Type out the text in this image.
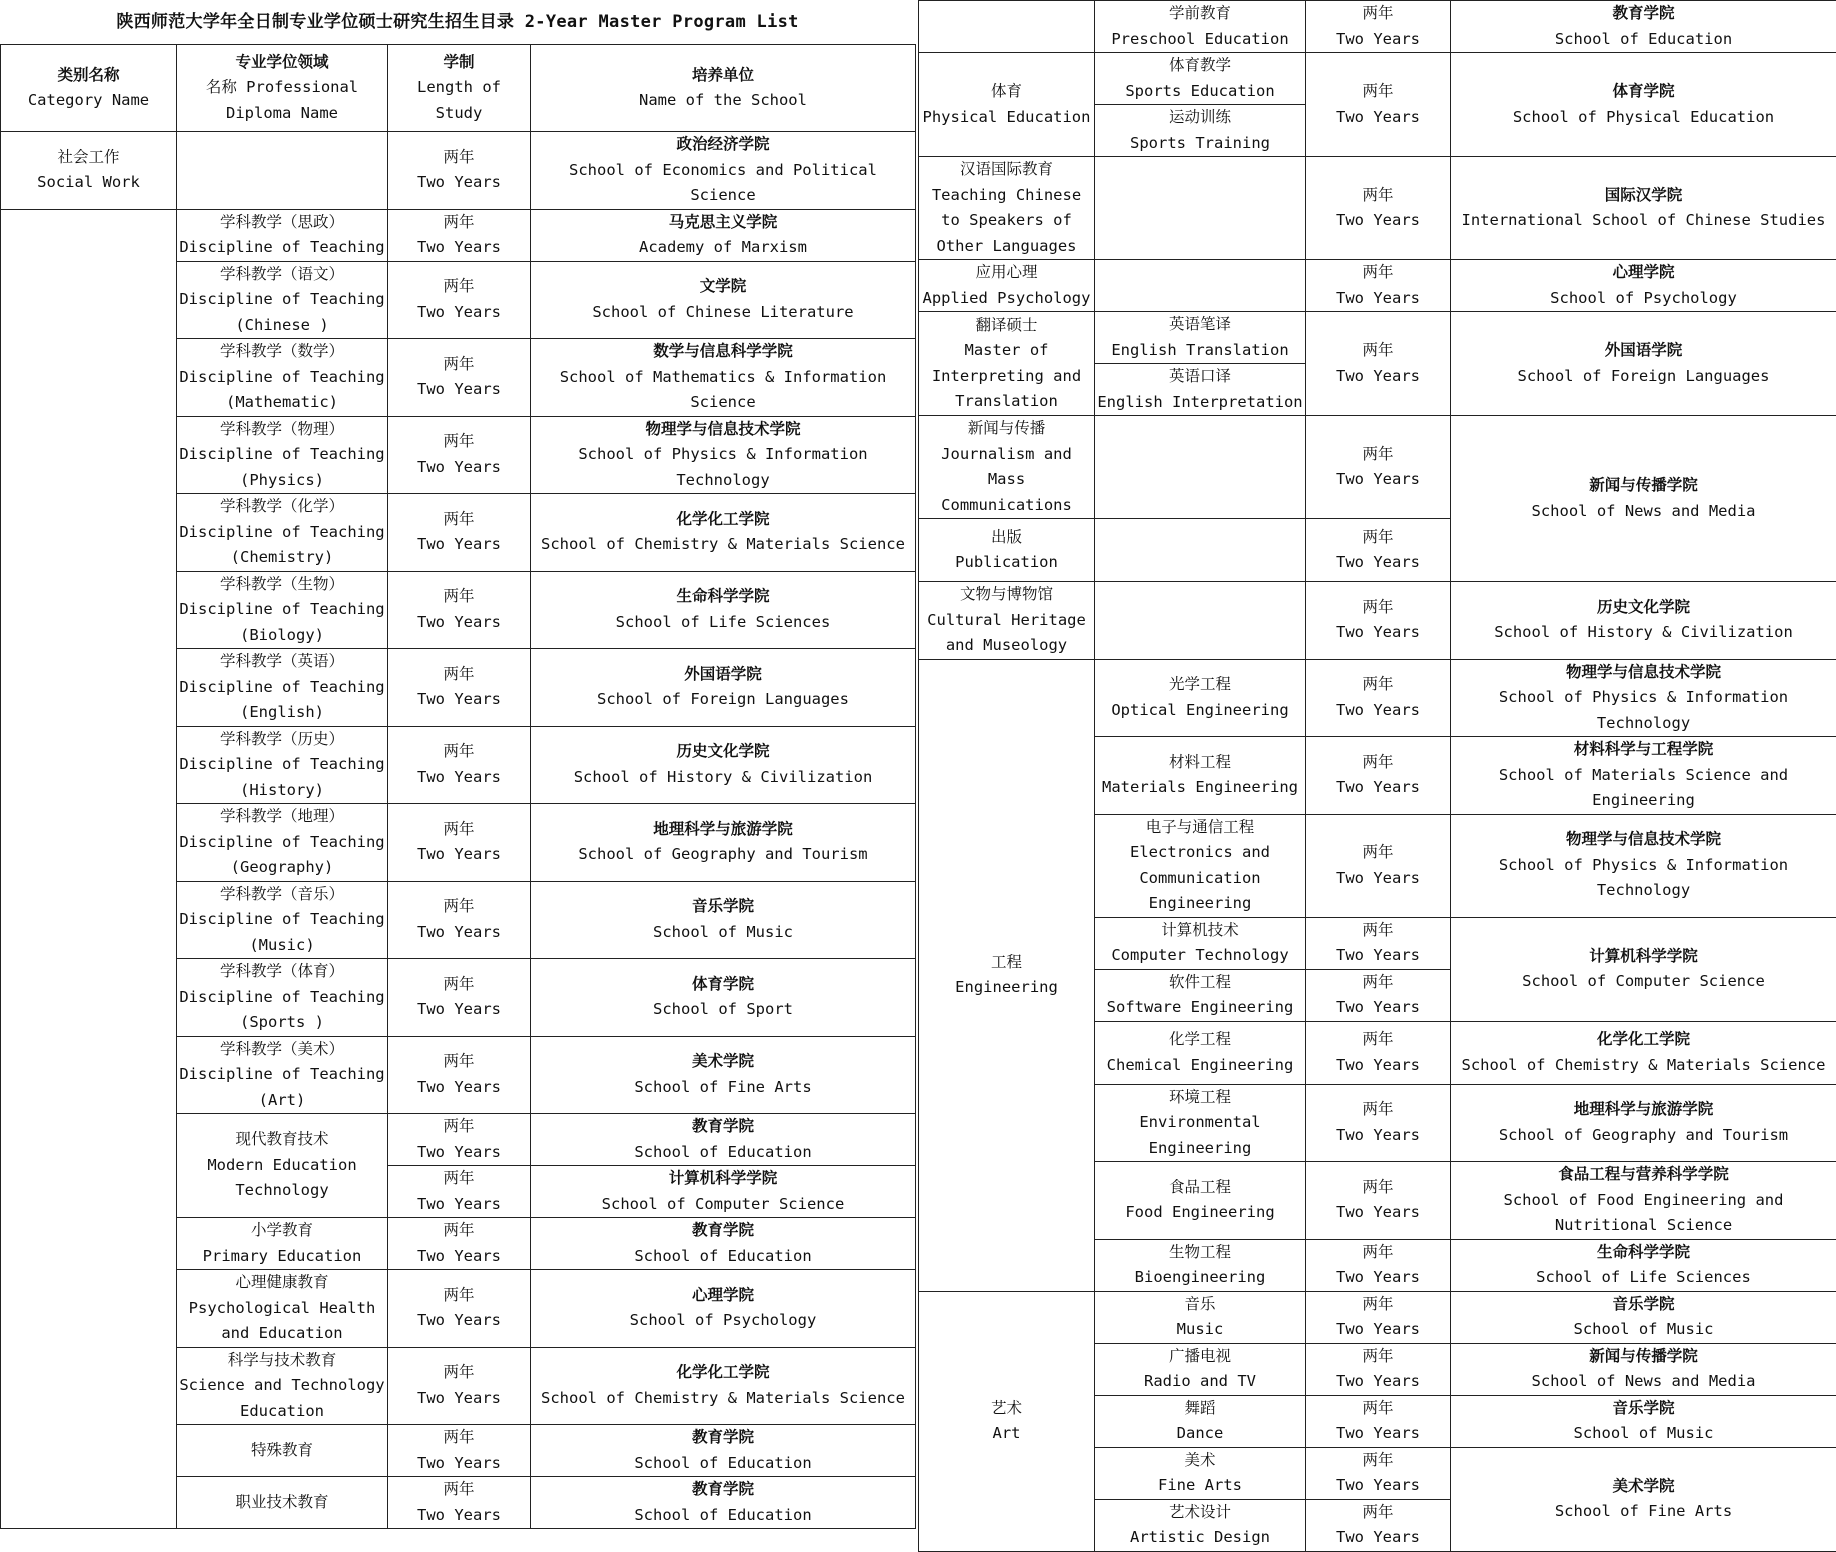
陕西师范大学年全日制专业学位硕士研究生招生目录 2-Year Master Program List
类别名称
Category Name	专业学位领域
名称 Professional Diploma Name	学制
Length of Study	培养单位
Name of the School

社会工作
Social Work		两年
Two Years	政治经济学院
School of Economics and Political Science

	学科教学（思政）
Discipline of Teaching	两年
Two Years	马克思主义学院
Academy of Marxism

	学科教学（语文）
Discipline of Teaching (Chinese )	两年
Two Years	文学院
School of Chinese Literature

	学科教学（数学）
Discipline of Teaching (Mathematic)	两年
Two Years	数学与信息科学学院
School of Mathematics & Information Science

	学科教学（物理）
Discipline of Teaching (Physics)	两年
Two Years	物理学与信息技术学院
School of Physics & Information Technology

	学科教学（化学）
Discipline of Teaching (Chemistry)	两年
Two Years	化学化工学院
School of Chemistry & Materials Science

	学科教学（生物）
Discipline of Teaching (Biology)	两年
Two Years	生命科学学院
School of Life Sciences

	学科教学（英语）
Discipline of Teaching (English)	两年
Two Years	外国语学院
School of Foreign Languages

	学科教学（历史）
Discipline of Teaching (History)	两年
Two Years	历史文化学院
School of History & Civilization

	学科教学（地理）
Discipline of Teaching (Geography)	两年
Two Years	地理科学与旅游学院
School of Geography and Tourism

	学科教学（音乐）
Discipline of Teaching (Music)	两年
Two Years	音乐学院
School of Music

	学科教学（体育）
Discipline of Teaching (Sports )	两年
Two Years	体育学院
School of Sport

	学科教学（美术）
Discipline of Teaching (Art)	两年
Two Years	美术学院
School of Fine Arts

	现代教育技术
Modern Education Technology	两年
Two Years	教育学院
School of Education

		两年
Two Years	计算机科学学院
School of Computer Science

	小学教育
Primary Education	两年
Two Years	教育学院
School of Education

	心理健康教育
Psychological Health and Education	两年
Two Years	心理学院
School of Psychology

	科学与技术教育
Science and Technology Education	两年
Two Years	化学化工学院
School of Chemistry & Materials Science

	特殊教育	两年
Two Years	教育学院
School of Education

	职业技术教育	两年
Two Years	教育学院
School of Education

	学前教育
Preschool Education	两年
Two Years	教育学院
School of Education

体育
Physical Education	体育教学
Sports Education	两年
Two Years	体育学院
School of Physical Education

	运动训练
Sports Training		

汉语国际教育
Teaching Chinese to Speakers of Other Languages		两年
Two Years	国际汉学院
International School of Chinese Studies

应用心理
Applied Psychology		两年
Two Years	心理学院
School of Psychology

翻译硕士
Master of Interpreting and Translation	英语笔译
English Translation	两年
Two Years	外国语学院
School of Foreign Languages

	英语口译
English Interpretation		

新闻与传播
Journalism and Mass Communications		两年
Two Years	新闻与传播学院
School of News and Media

出版
Publication		两年
Two Years	

文物与博物馆
Cultural Heritage and Museology		两年
Two Years	历史文化学院
School of History & Civilization

工程
Engineering	光学工程
Optical Engineering	两年
Two Years	物理学与信息技术学院
School of Physics & Information Technology

	材料工程
Materials Engineering	两年
Two Years	材料科学与工程学院
School of Materials Science and Engineering

	电子与通信工程
Electronics and Communication Engineering	两年
Two Years	物理学与信息技术学院
School of Physics & Information Technology

	计算机技术
Computer Technology	两年
Two Years	计算机科学学院
School of Computer Science

	软件工程
Software Engineering	两年
Two Years	

	化学工程
Chemical Engineering	两年
Two Years	化学化工学院
School of Chemistry & Materials Science

	环境工程
Environmental Engineering	两年
Two Years	地理科学与旅游学院
School of Geography and Tourism

	食品工程
Food Engineering	两年
Two Years	食品工程与营养科学学院
School of Food Engineering and Nutritional Science

	生物工程
Bioengineering	两年
Two Years	生命科学学院
School of Life Sciences

艺术
Art	音乐
Music	两年
Two Years	音乐学院
School of Music

	广播电视
Radio and TV	两年
Two Years	新闻与传播学院
School of News and Media

	舞蹈
Dance	两年
Two Years	音乐学院
School of Music

	美术
Fine Arts	两年
Two Years	美术学院
School of Fine Arts

	艺术设计
Artistic Design	两年
Two Years	
